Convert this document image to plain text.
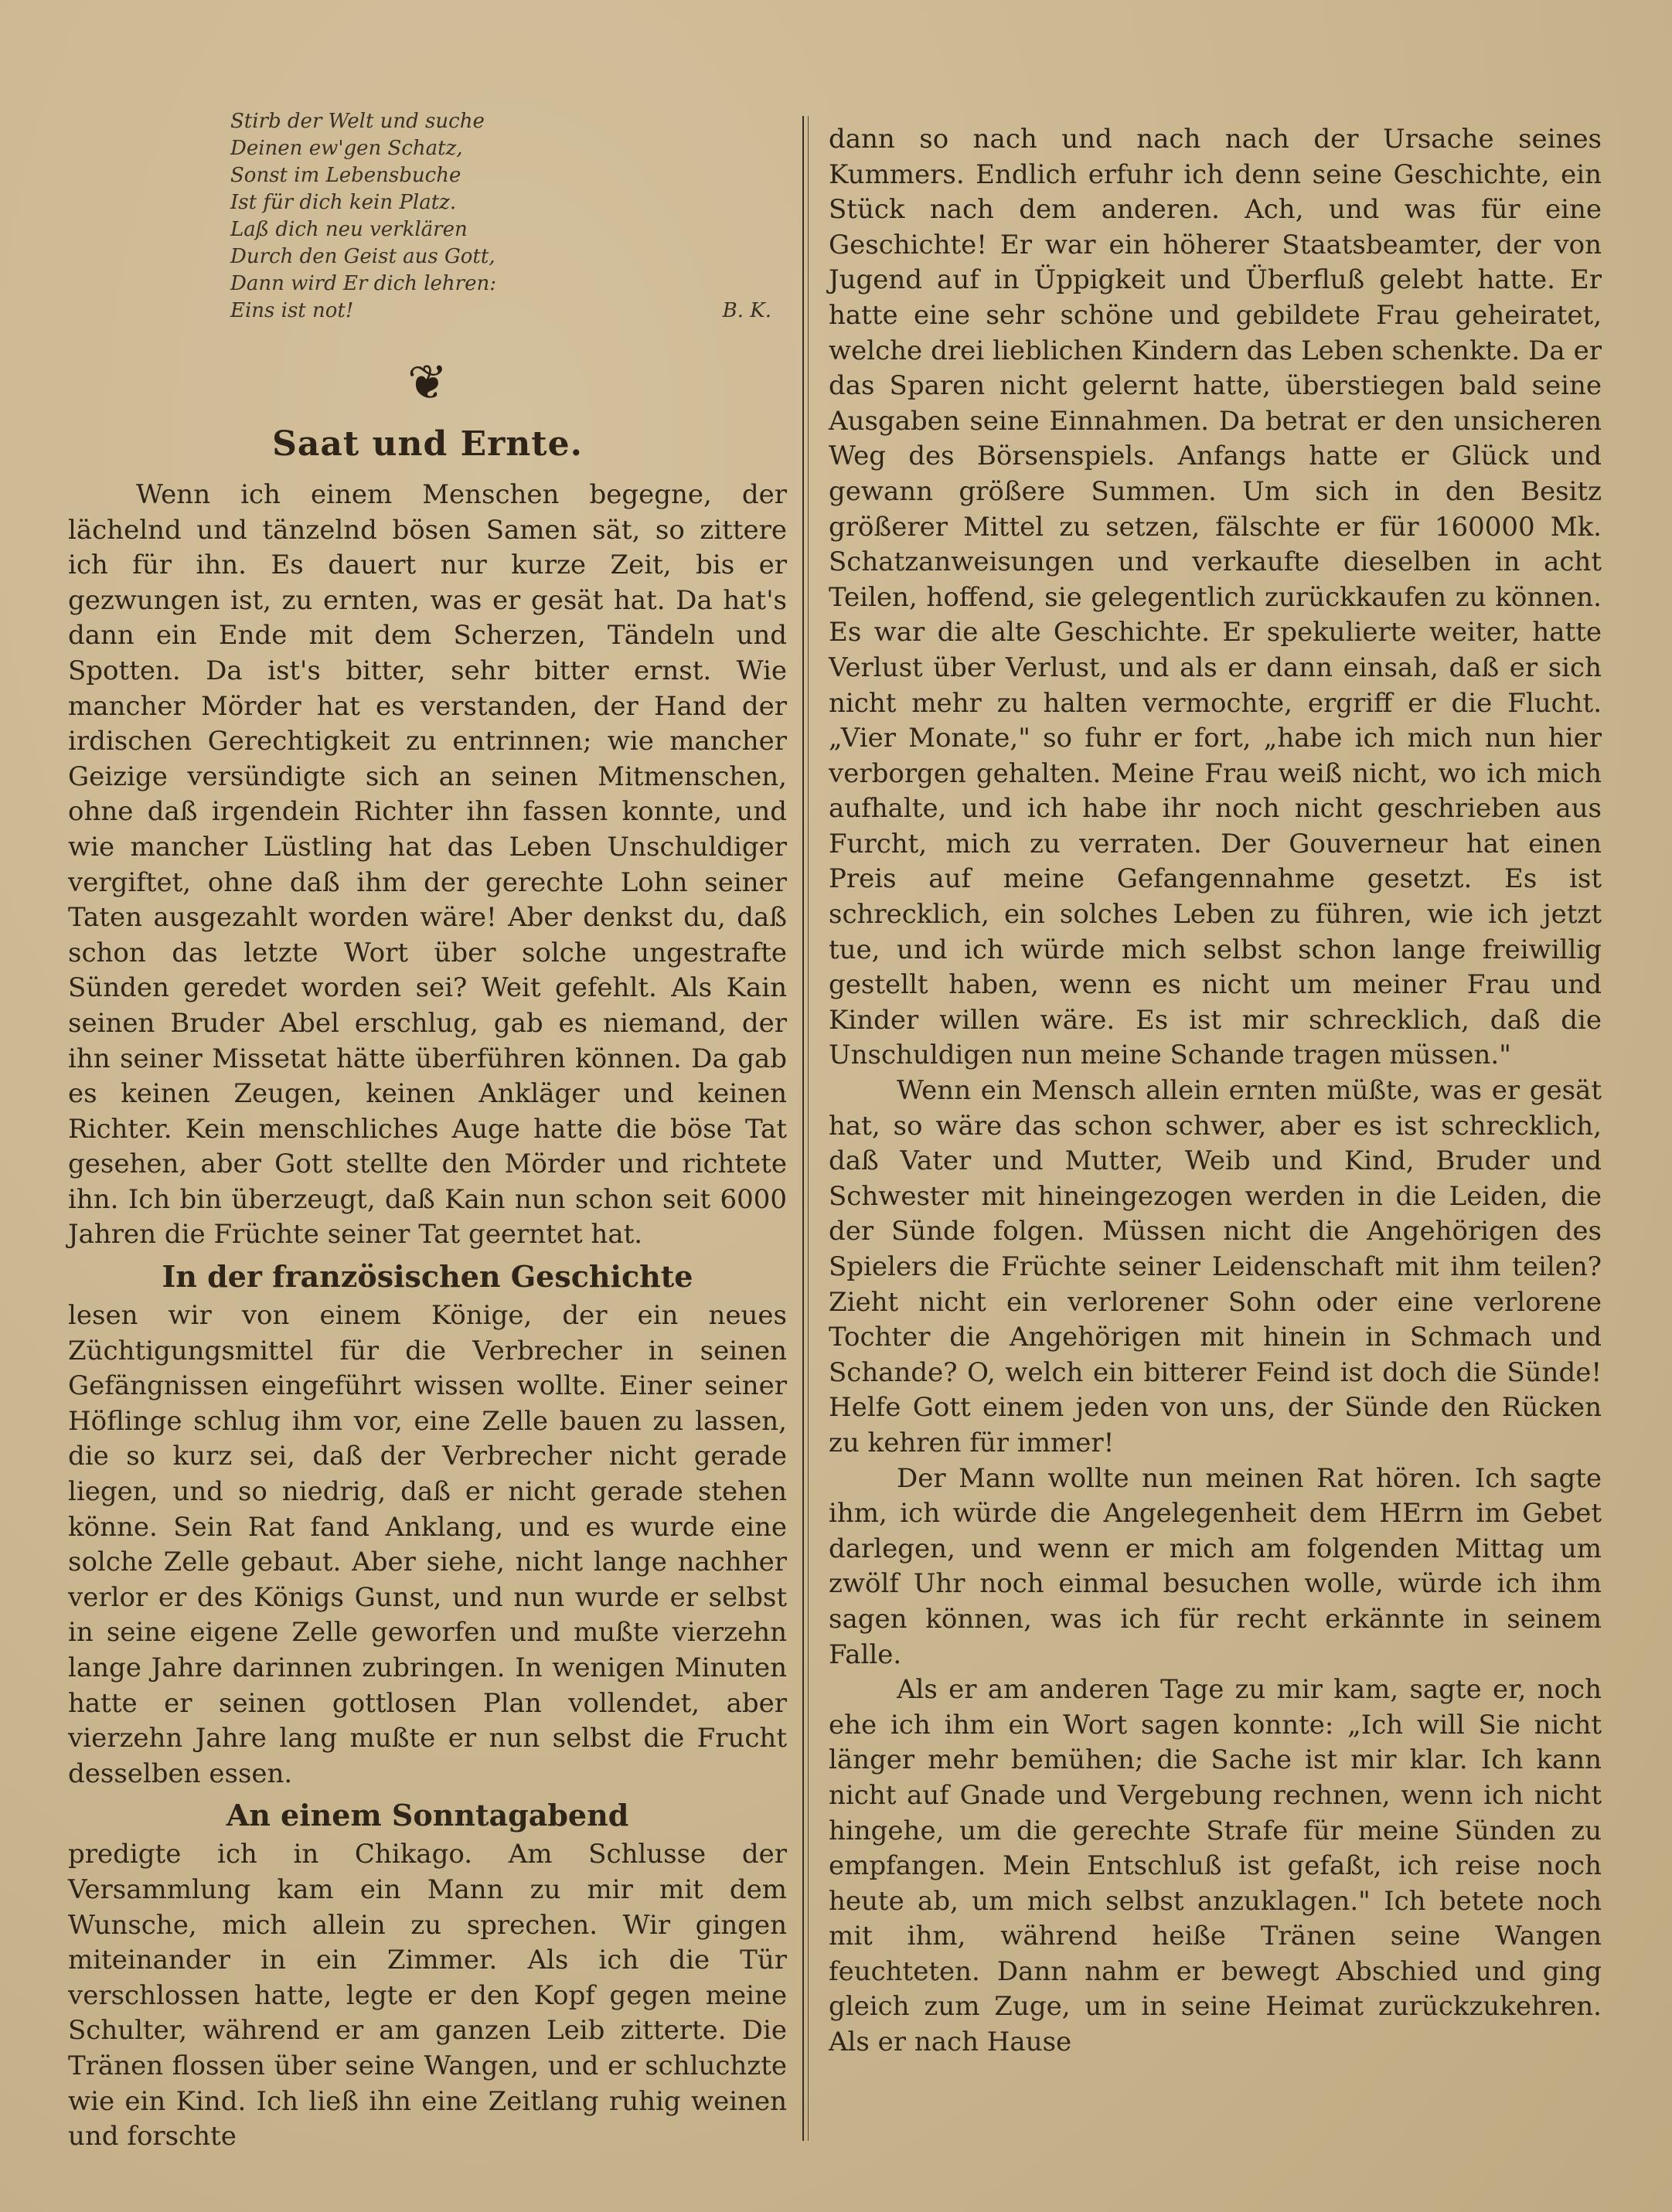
Stirb der Welt und suche
Deinen ew'gen Schatz,
Sonst im Lebensbuche
Ist für dich kein Platz.
Laß dich neu verklären
Durch den Geist aus Gott,
Dann wird Er dich lehren:
Eins ist not!	B. K.
❦
Saat und Ernte.

Wenn ich einem Menschen begegne, der lächelnd und tänzelnd bösen Samen sät, so zittere ich für ihn. Es dauert nur kurze Zeit, bis er gezwungen ist, zu ernten, was er gesät hat. Da hat's dann ein Ende mit dem Scherzen, Tändeln und Spotten. Da ist's bitter, sehr bitter ernst. Wie mancher Mörder hat es verstanden, der Hand der irdischen Gerechtigkeit zu entrinnen; wie mancher Geizige versündigte sich an seinen Mitmenschen, ohne daß irgendein Richter ihn fassen konnte, und wie mancher Lüstling hat das Leben Unschuldiger vergiftet, ohne daß ihm der gerechte Lohn seiner Taten ausgezahlt worden wäre! Aber denkst du, daß schon das letzte Wort über solche ungestrafte Sünden geredet worden sei? Weit gefehlt. Als Kain seinen Bruder Abel erschlug, gab es niemand, der ihn seiner Missetat hätte überführen können. Da gab es keinen Zeugen, keinen Ankläger und keinen Richter. Kein menschliches Auge hatte die böse Tat gesehen, aber Gott stellte den Mörder und richtete ihn. Ich bin überzeugt, daß Kain nun schon seit 6000 Jahren die Früchte seiner Tat geerntet hat.

In der französischen Geschichte

lesen wir von einem Könige, der ein neues Züchtigungsmittel für die Verbrecher in seinen Gefängnissen eingeführt wissen wollte. Einer seiner Höflinge schlug ihm vor, eine Zelle bauen zu lassen, die so kurz sei, daß der Verbrecher nicht gerade liegen, und so niedrig, daß er nicht gerade stehen könne. Sein Rat fand Anklang, und es wurde eine solche Zelle gebaut. Aber siehe, nicht lange nachher verlor er des Königs Gunst, und nun wurde er selbst in seine eigene Zelle geworfen und mußte vierzehn lange Jahre darinnen zubringen. In wenigen Minuten hatte er seinen gottlosen Plan vollendet, aber vierzehn Jahre lang mußte er nun selbst die Frucht desselben essen.

An einem Sonntagabend

predigte ich in Chikago. Am Schlusse der Versammlung kam ein Mann zu mir mit dem Wunsche, mich allein zu sprechen. Wir gingen miteinander in ein Zimmer. Als ich die Tür verschlossen hatte, legte er den Kopf gegen meine Schulter, während er am ganzen Leib zitterte. Die Tränen flossen über seine Wangen, und er schluchzte wie ein Kind. Ich ließ ihn eine Zeitlang ruhig weinen und forschte

dann so nach und nach nach der Ursache seines Kummers. Endlich erfuhr ich denn seine Geschichte, ein Stück nach dem anderen. Ach, und was für eine Geschichte! Er war ein höherer Staatsbeamter, der von Jugend auf in Üppigkeit und Überfluß gelebt hatte. Er hatte eine sehr schöne und gebildete Frau geheiratet, welche drei lieblichen Kindern das Leben schenkte. Da er das Sparen nicht gelernt hatte, überstiegen bald seine Ausgaben seine Einnahmen. Da betrat er den unsicheren Weg des Börsenspiels. Anfangs hatte er Glück und gewann größere Summen. Um sich in den Besitz größerer Mittel zu setzen, fälschte er für 160000 Mk. Schatzanweisungen und verkaufte dieselben in acht Teilen, hoffend, sie gelegentlich zurückkaufen zu können. Es war die alte Geschichte. Er spekulierte weiter, hatte Verlust über Verlust, und als er dann einsah, daß er sich nicht mehr zu halten vermochte, ergriff er die Flucht. „Vier Monate," so fuhr er fort, „habe ich mich nun hier verborgen gehalten. Meine Frau weiß nicht, wo ich mich aufhalte, und ich habe ihr noch nicht geschrieben aus Furcht, mich zu verraten. Der Gouverneur hat einen Preis auf meine Gefangennahme gesetzt. Es ist schrecklich, ein solches Leben zu führen, wie ich jetzt tue, und ich würde mich selbst schon lange freiwillig gestellt haben, wenn es nicht um meiner Frau und Kinder willen wäre. Es ist mir schrecklich, daß die Unschuldigen nun meine Schande tragen müssen."

Wenn ein Mensch allein ernten müßte, was er gesät hat, so wäre das schon schwer, aber es ist schrecklich, daß Vater und Mutter, Weib und Kind, Bruder und Schwester mit hineingezogen werden in die Leiden, die der Sünde folgen. Müssen nicht die Angehörigen des Spielers die Früchte seiner Leidenschaft mit ihm teilen? Zieht nicht ein verlorener Sohn oder eine verlorene Tochter die Angehörigen mit hinein in Schmach und Schande? O, welch ein bitterer Feind ist doch die Sünde! Helfe Gott einem jeden von uns, der Sünde den Rücken zu kehren für immer!

Der Mann wollte nun meinen Rat hören. Ich sagte ihm, ich würde die Angelegenheit dem HErrn im Gebet darlegen, und wenn er mich am folgenden Mittag um zwölf Uhr noch einmal besuchen wolle, würde ich ihm sagen können, was ich für recht erkännte in seinem Falle.

Als er am anderen Tage zu mir kam, sagte er, noch ehe ich ihm ein Wort sagen konnte: „Ich will Sie nicht länger mehr bemühen; die Sache ist mir klar. Ich kann nicht auf Gnade und Vergebung rechnen, wenn ich nicht hingehe, um die gerechte Strafe für meine Sünden zu empfangen. Mein Entschluß ist gefaßt, ich reise noch heute ab, um mich selbst anzuklagen." Ich betete noch mit ihm, während heiße Tränen seine Wangen feuchteten. Dann nahm er bewegt Abschied und ging gleich zum Zuge, um in seine Heimat zurückzukehren. Als er nach Hause
